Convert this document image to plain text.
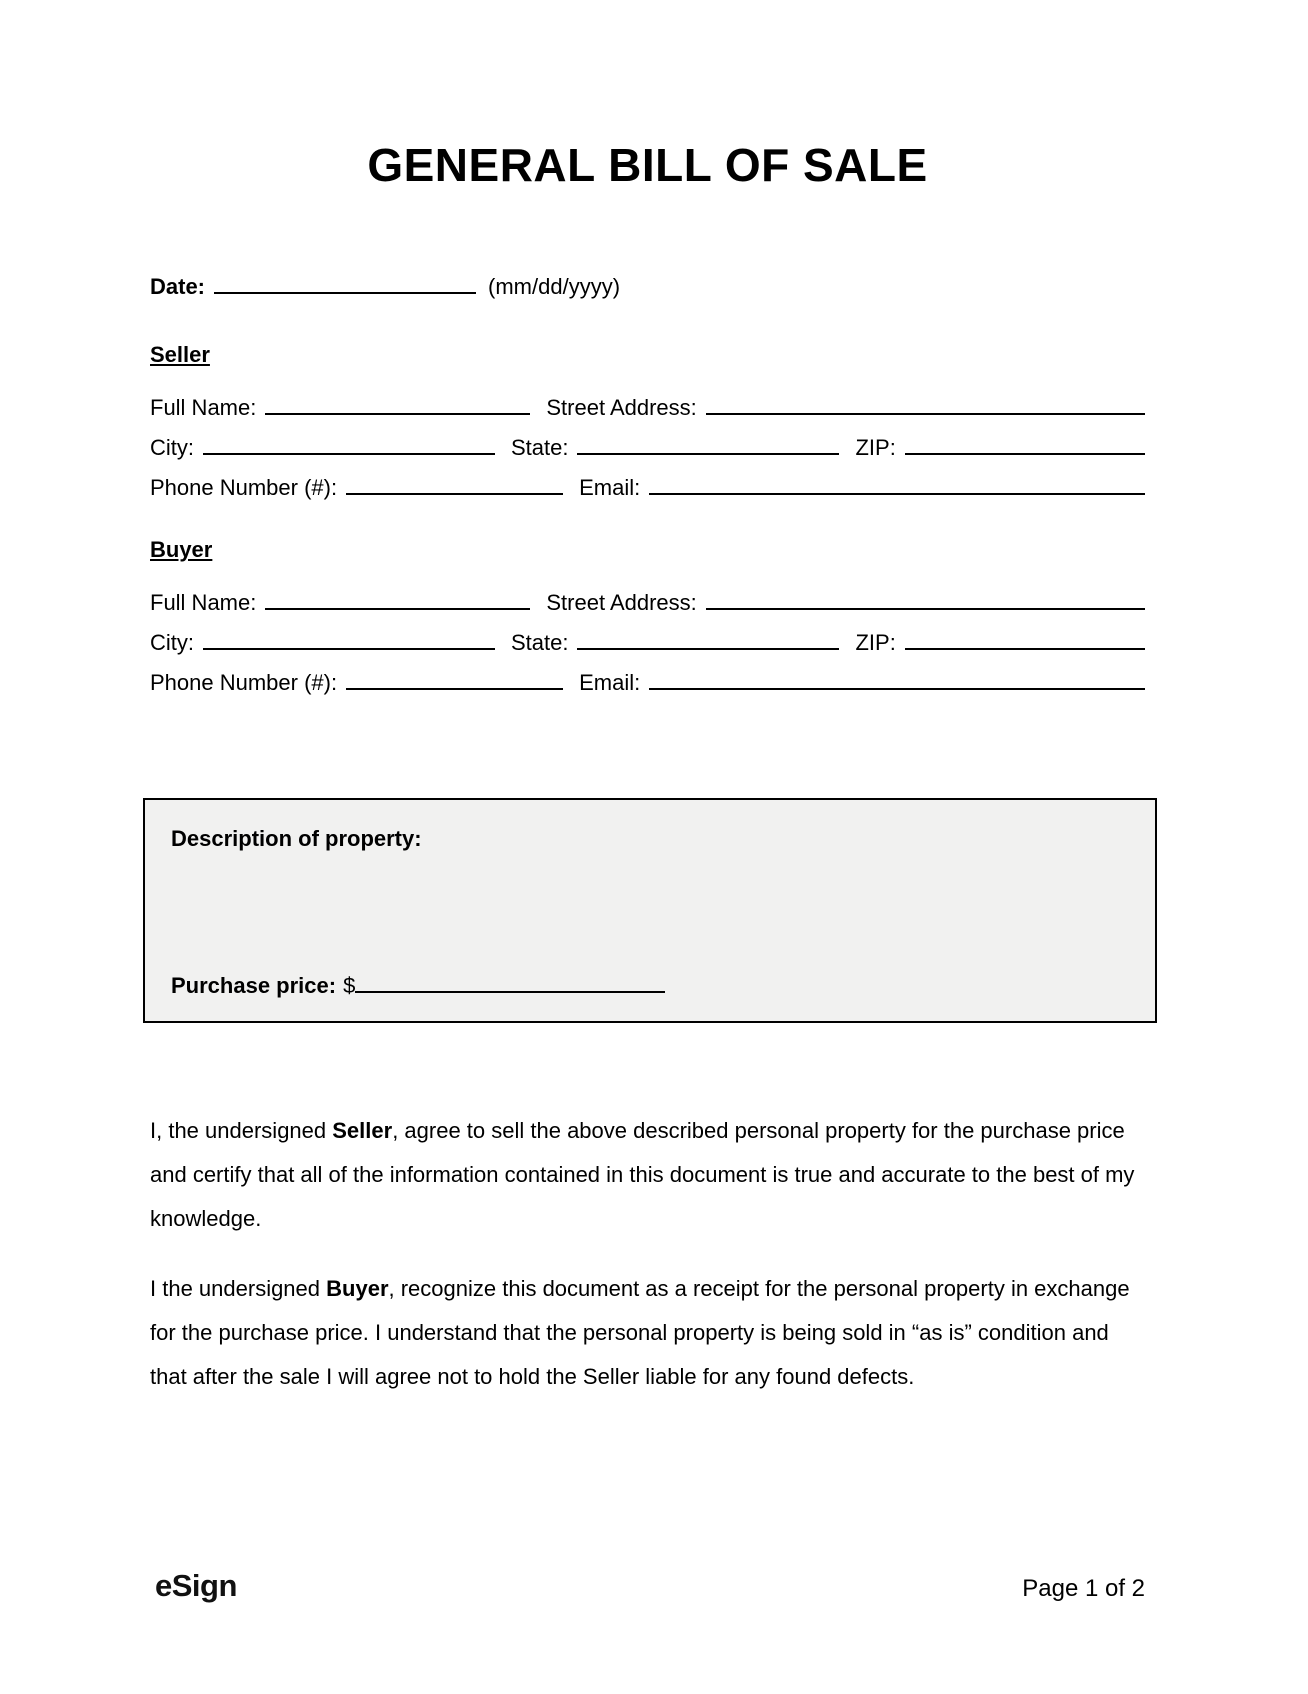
GENERAL BILL OF SALE
Date:	(mm/dd/yyyy)
Seller
Full Name:	Street Address:
City:	State:	ZIP:
Phone Number (#):	Email:
Buyer
Full Name:	Street Address:
City:	State:	ZIP:
Phone Number (#):	Email:
Description of property:
Purchase price: $

I, the undersigned Seller, agree to sell the above described personal property for the purchase price and certify that all of the information contained in this document is true and accurate to the best of my knowledge.

I the undersigned Buyer, recognize this document as a receipt for the personal property in exchange for the purchase price. I understand that the personal property is being sold in “as is” condition and that after the sale I will agree not to hold the Seller liable for any found defects.

eSign	Page 1 of 2
